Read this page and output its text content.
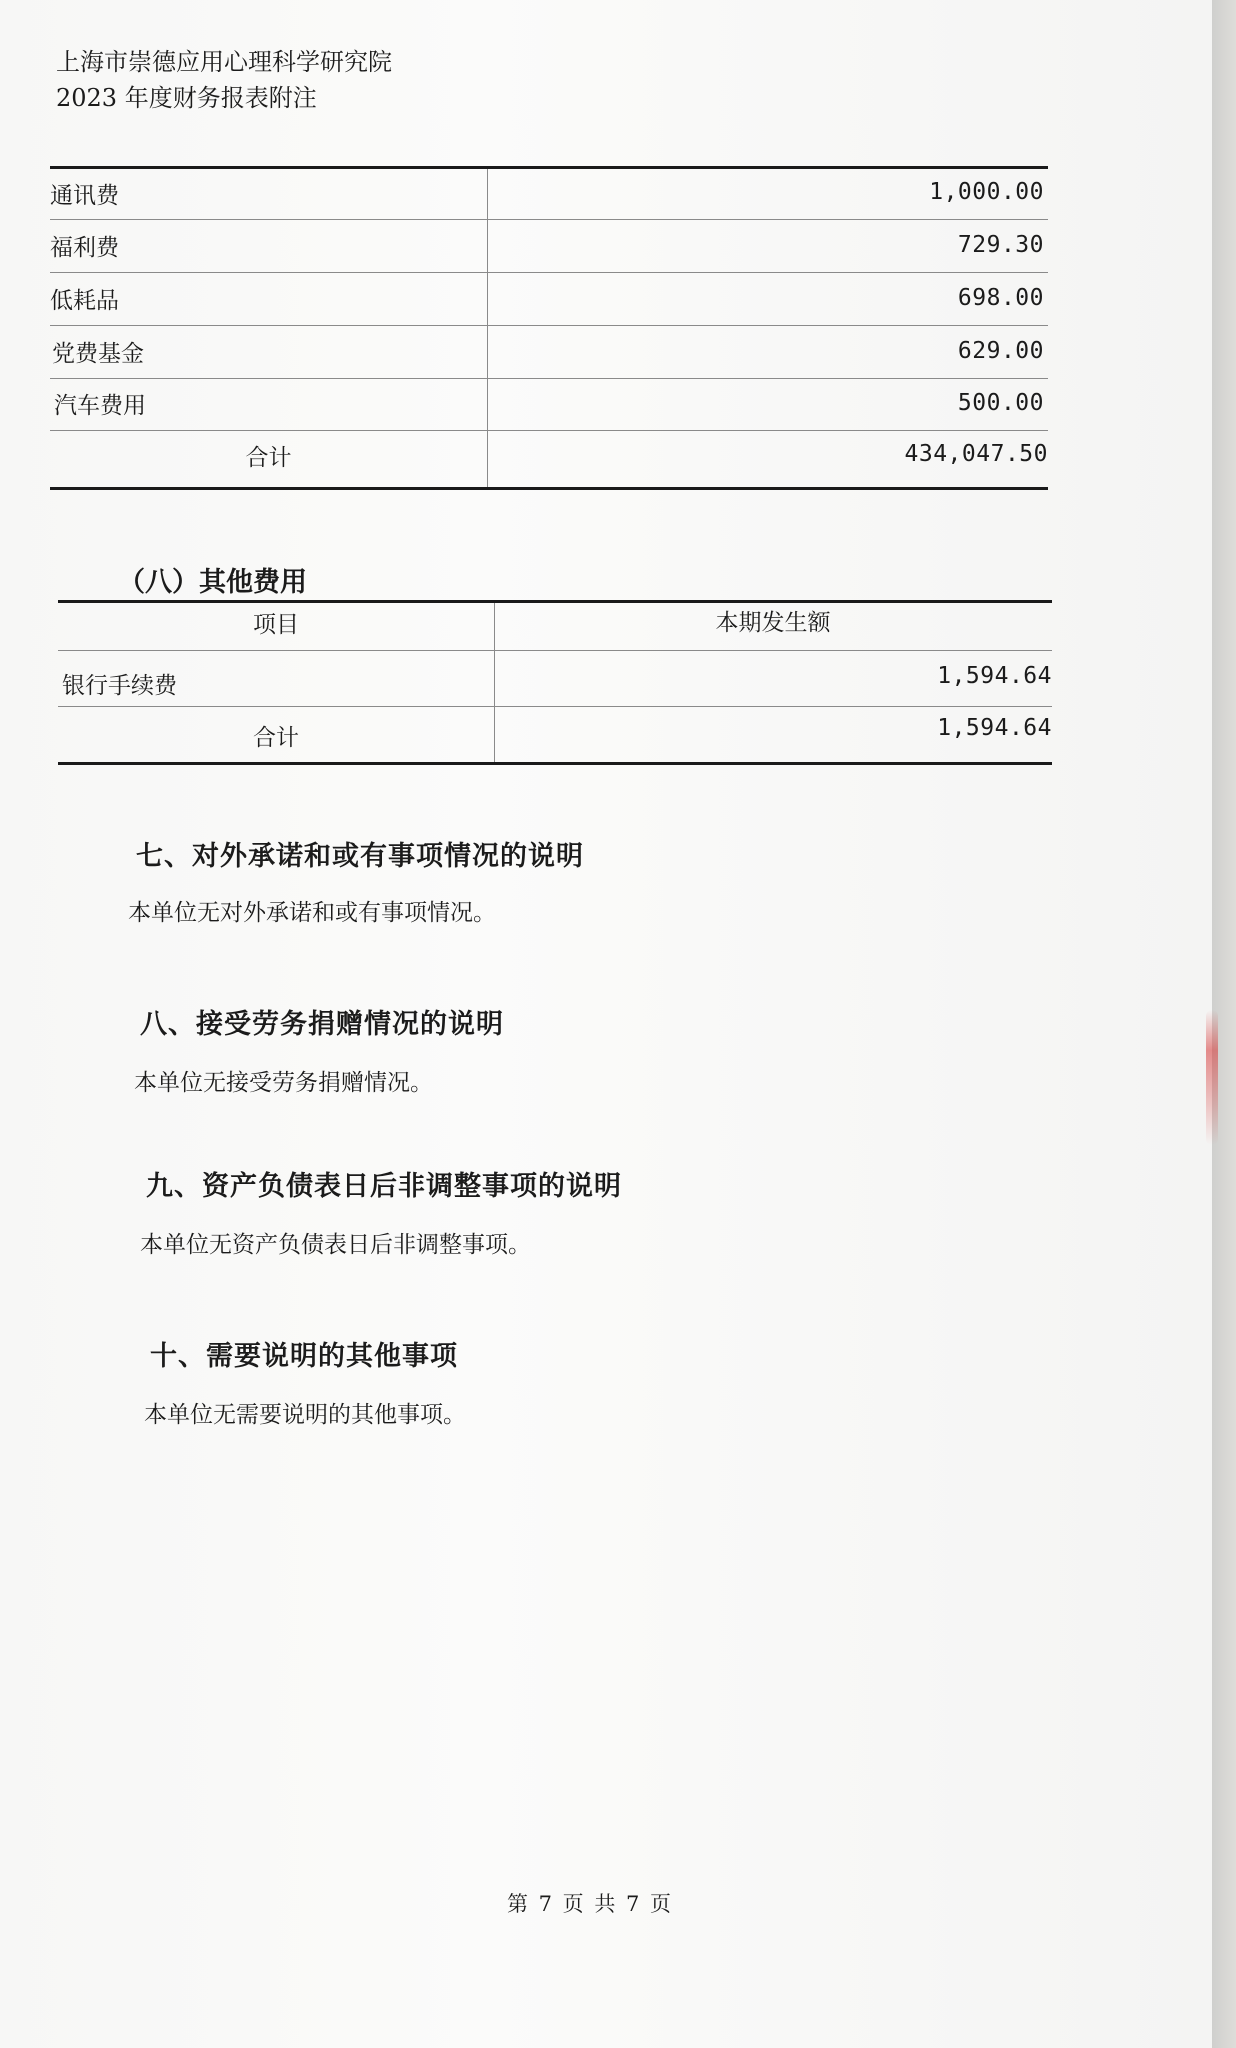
上海市崇德应用心理科学研究院
2023 年度财务报表附注
通讯费	1,000.00
福利费	729.30
低耗品	698.00
党费基金	629.00
汽车费用	500.00
合计	434,047.50
（八）其他费用
项目	本期发生额
银行手续费	1,594.64
合计	1,594.64
七、对外承诺和或有事项情况的说明
本单位无对外承诺和或有事项情况。
八、接受劳务捐赠情况的说明
本单位无接受劳务捐赠情况。
九、资产负债表日后非调整事项的说明
本单位无资产负债表日后非调整事项。
十、需要说明的其他事项
本单位无需要说明的其他事项。
第 7 页 共 7 页
